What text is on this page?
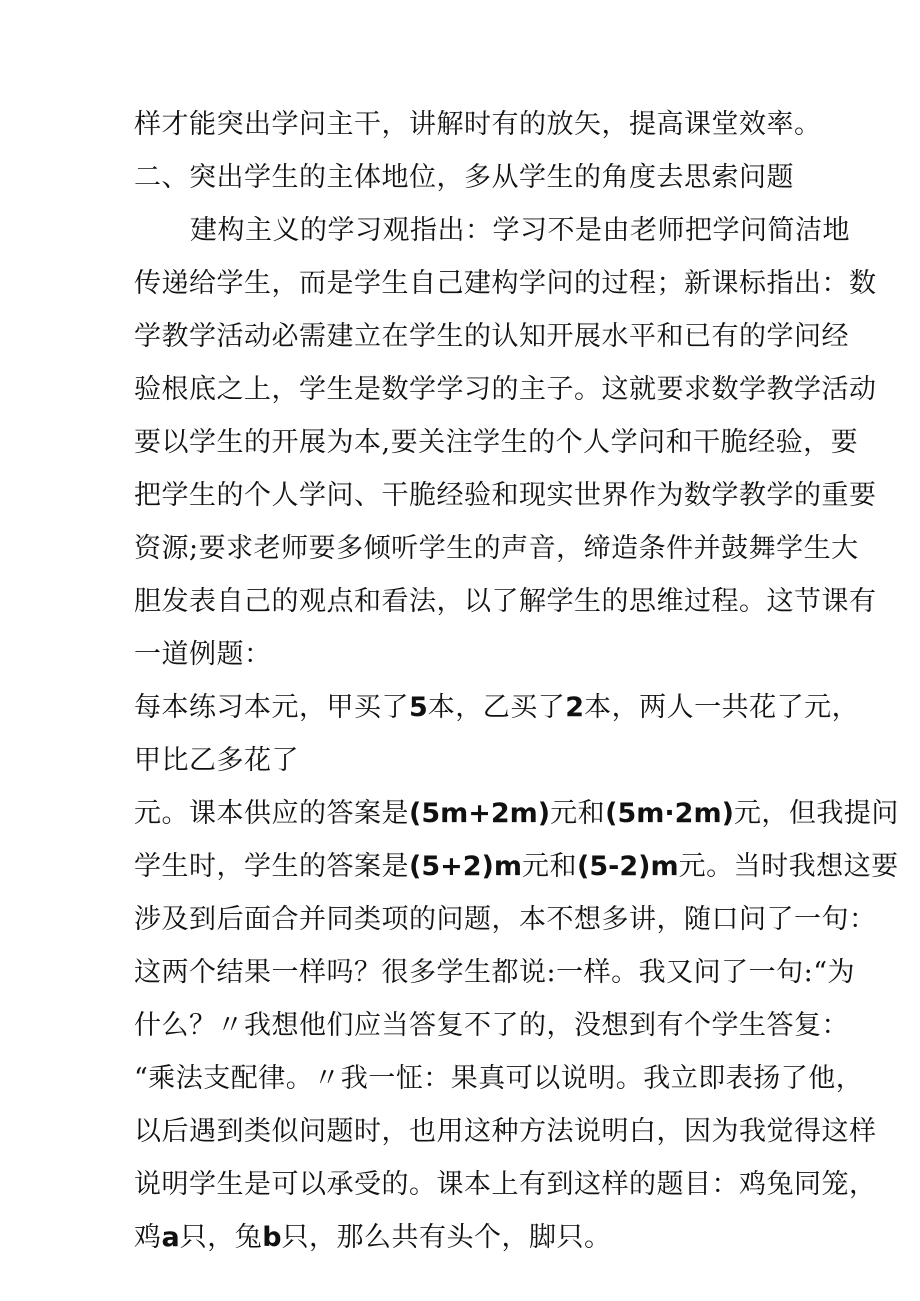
样才能突出学问主干，讲解时有的放矢，提高课堂效率。
二、突出学生的主体地位，多从学生的角度去思索问题
建构主义的学习观指出：学习不是由老师把学问简洁地
传递给学生，而是学生自己建构学问的过程；新课标指出：数
学教学活动必需建立在学生的认知开展水平和已有的学问经
验根底之上，学生是数学学习的主子。这就要求数学教学活动
要以学生的开展为本,要关注学生的个人学问和干脆经验，要
把学生的个人学问、干脆经验和现实世界作为数学教学的重要
资源;要求老师要多倾听学生的声音，缔造条件并鼓舞学生大
胆发表自己的观点和看法，以了解学生的思维过程。这节课有
一道例题：
每本练习本元，甲买了5本，乙买了2本，两人一共花了元，
甲比乙多花了
元。课本供应的答案是(5m+2m)元和(5m·2m)元，但我提问
学生时，学生的答案是(5+2)m元和(5-2)m元。当时我想这要
涉及到后面合并同类项的问题，本不想多讲，随口问了一句：
这两个结果一样吗？很多学生都说:一样。我又问了一句:“为
什么？〃我想他们应当答复不了的，没想到有个学生答复：
“乘法支配律。〃我一怔：果真可以说明。我立即表扬了他，
以后遇到类似问题时，也用这种方法说明白，因为我觉得这样
说明学生是可以承受的。课本上有到这样的题目：鸡兔同笼，
鸡a只，兔b只，那么共有头个，脚只。
